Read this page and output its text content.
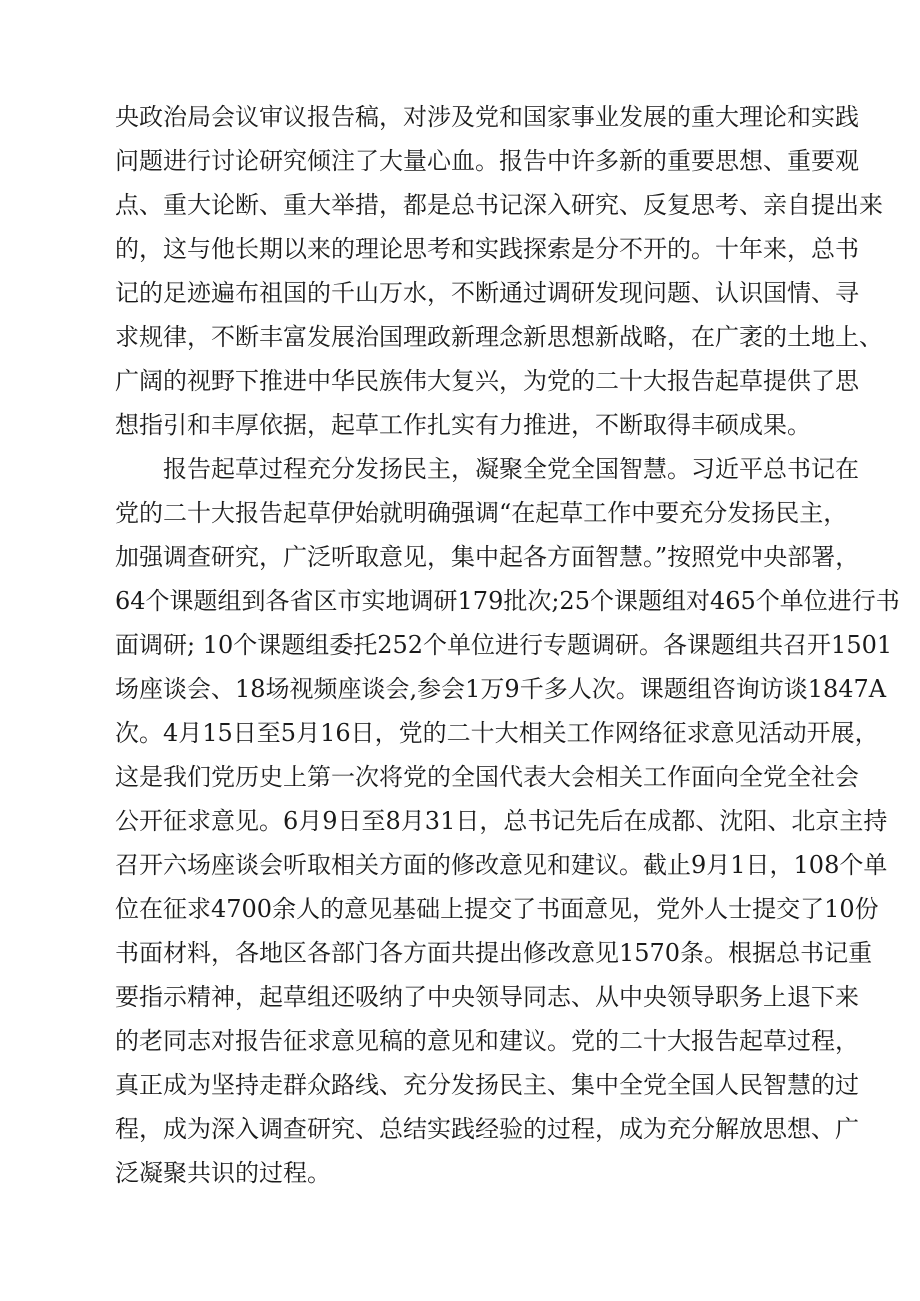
央政治局会议审议报告稿，对涉及党和国家事业发展的重大理论和实践
问题进行讨论研究倾注了大量心血。报告中许多新的重要思想、重要观
点、重大论断、重大举措，都是总书记深入研究、反复思考、亲自提出来
的，这与他长期以来的理论思考和实践探索是分不开的。十年来，总书
记的足迹遍布祖国的千山万水，不断通过调研发现问题、认识国情、寻
求规律，不断丰富发展治国理政新理念新思想新战略，在广袤的土地上、
广阔的视野下推进中华民族伟大复兴，为党的二十大报告起草提供了思
想指引和丰厚依据，起草工作扎实有力推进，不断取得丰硕成果。
报告起草过程充分发扬民主，凝聚全党全国智慧。习近平总书记在
党的二十大报告起草伊始就明确强调“在起草工作中要充分发扬民主，
加强调查研究，广泛听取意见，集中起各方面智慧。”按照党中央部署，
64个课题组到各省区市实地调研179批次;25个课题组对465个单位进行书
面调研; 10个课题组委托252个单位进行专题调研。各课题组共召开1501
场座谈会、18场视频座谈会,参会1万9千多人次。课题组咨询访谈1847A
次。4月15日至5月16日，党的二十大相关工作网络征求意见活动开展，
这是我们党历史上第一次将党的全国代表大会相关工作面向全党全社会
公开征求意见。6月9日至8月31日，总书记先后在成都、沈阳、北京主持
召开六场座谈会听取相关方面的修改意见和建议。截止9月1日，108个单
位在征求4700余人的意见基础上提交了书面意见，党外人士提交了10份
书面材料，各地区各部门各方面共提出修改意见1570条。根据总书记重
要指示精神，起草组还吸纳了中央领导同志、从中央领导职务上退下来
的老同志对报告征求意见稿的意见和建议。党的二十大报告起草过程，
真正成为坚持走群众路线、充分发扬民主、集中全党全国人民智慧的过
程，成为深入调查研究、总结实践经验的过程，成为充分解放思想、广
泛凝聚共识的过程。
